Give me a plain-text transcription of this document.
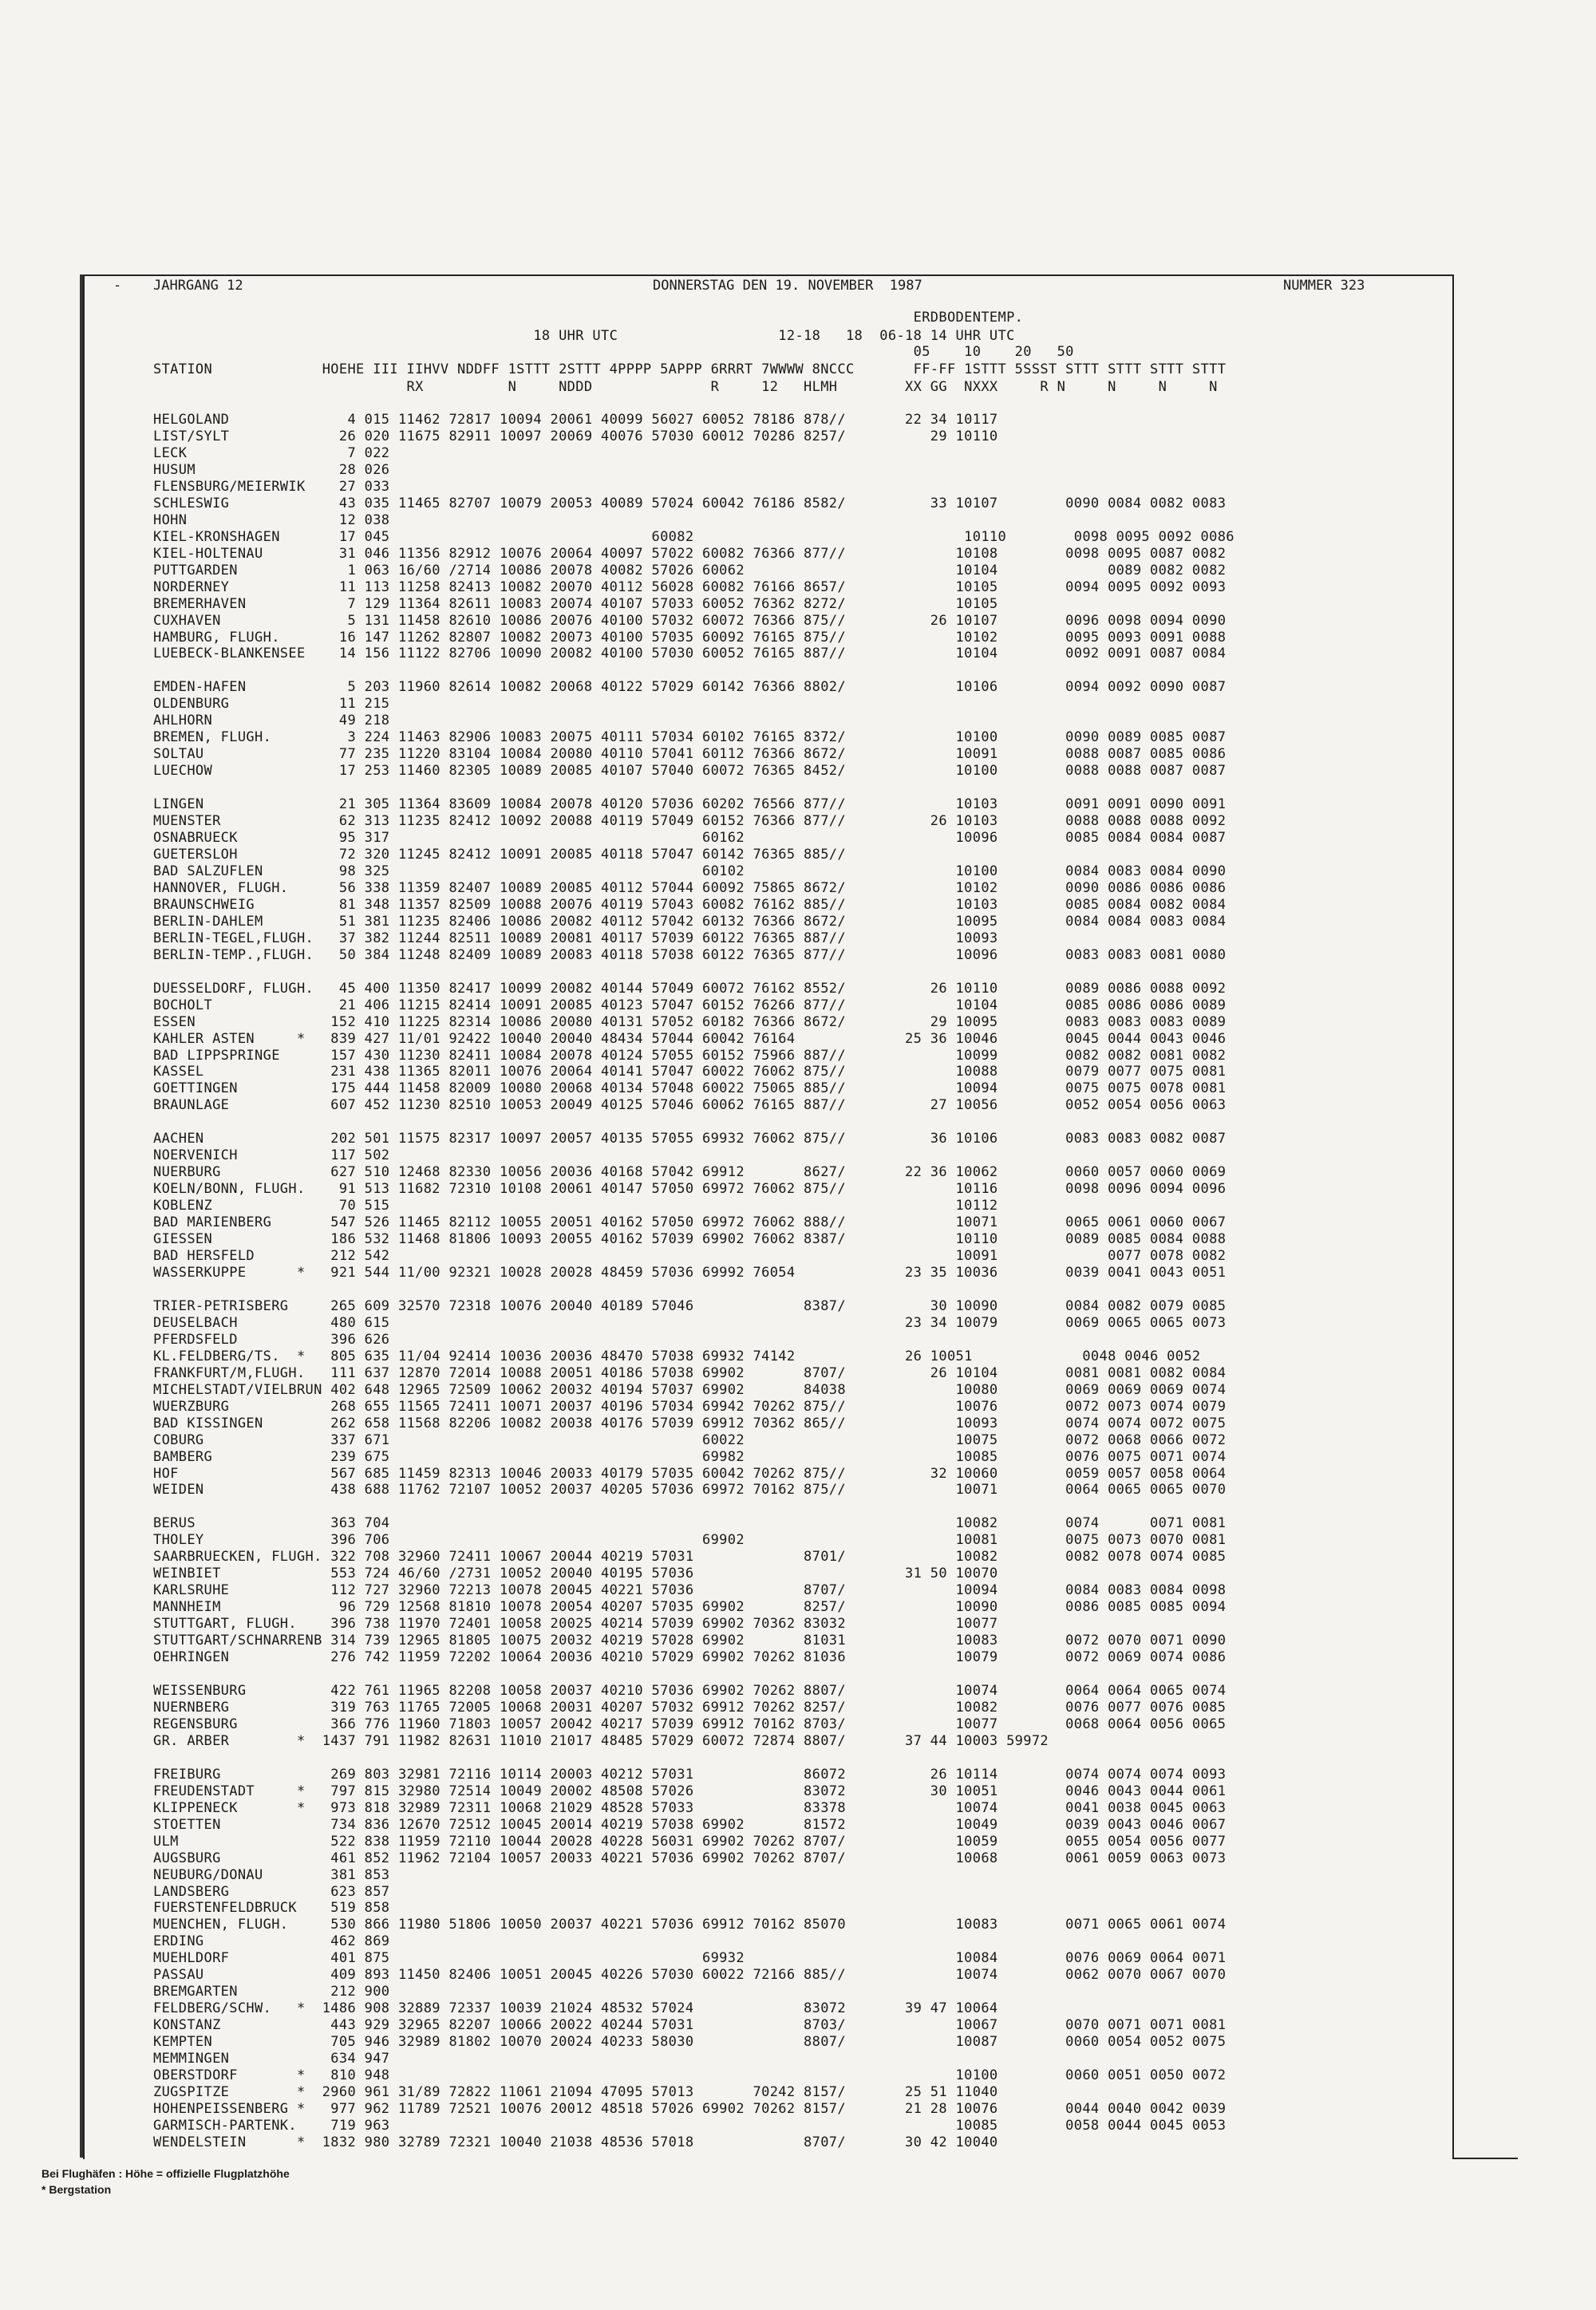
- JAHRGANG 12	DONNERSTAG DEN 19. NOVEMBER  1987	NUMMER 323
ERDBODENTEMP.
18 UHR UTC                   12-18   18  06-18 14 UHR UTC
05    10    20   50
STATION             HOEHE III IIHVV NDDFF 1STTT 2STTT 4PPPP 5APPP 6RRRT 7WWWW 8NCCC       FF-FF 1STTT 5SSST STTT STTT STTT STTT
RX          N     NDDD              R     12   HLMH        XX GG  NXXX     R N     N     N     N
HELGOLAND              4 015 11462 72817 10094 20061 40099 56027 60052 78186 878//       22 34 10117
LIST/SYLT             26 020 11675 82911 10097 20069 40076 57030 60012 70286 8257/          29 10110
LECK                   7 022
HUSUM                 28 026
FLENSBURG/MEIERWIK    27 033
SCHLESWIG             43 035 11465 82707 10079 20053 40089 57024 60042 76186 8582/          33 10107        0090 0084 0082 0083
HOHN                  12 038
KIEL-KRONSHAGEN       17 045                               60082                                10110        0098 0095 0092 0086
KIEL-HOLTENAU         31 046 11356 82912 10076 20064 40097 57022 60082 76366 877//             10108        0098 0095 0087 0082
PUTTGARDEN             1 063 16/60 /2714 10086 20078 40082 57026 60062                         10104             0089 0082 0082
NORDERNEY             11 113 11258 82413 10082 20070 40112 56028 60082 76166 8657/             10105        0094 0095 0092 0093
BREMERHAVEN            7 129 11364 82611 10083 20074 40107 57033 60052 76362 8272/             10105
CUXHAVEN               5 131 11458 82610 10086 20076 40100 57032 60072 76366 875//          26 10107        0096 0098 0094 0090
HAMBURG, FLUGH.       16 147 11262 82807 10082 20073 40100 57035 60092 76165 875//             10102        0095 0093 0091 0088
LUEBECK-BLANKENSEE    14 156 11122 82706 10090 20082 40100 57030 60052 76165 887//             10104        0092 0091 0087 0084
EMDEN-HAFEN            5 203 11960 82614 10082 20068 40122 57029 60142 76366 8802/             10106        0094 0092 0090 0087
OLDENBURG             11 215
AHLHORN               49 218
BREMEN, FLUGH.         3 224 11463 82906 10083 20075 40111 57034 60102 76165 8372/             10100        0090 0089 0085 0087
SOLTAU                77 235 11220 83104 10084 20080 40110 57041 60112 76366 8672/             10091        0088 0087 0085 0086
LUECHOW               17 253 11460 82305 10089 20085 40107 57040 60072 76365 8452/             10100        0088 0088 0087 0087
LINGEN                21 305 11364 83609 10084 20078 40120 57036 60202 76566 877//             10103        0091 0091 0090 0091
MUENSTER              62 313 11235 82412 10092 20088 40119 57049 60152 76366 877//          26 10103        0088 0088 0088 0092
OSNABRUECK            95 317                                     60162                         10096        0085 0084 0084 0087
GUETERSLOH            72 320 11245 82412 10091 20085 40118 57047 60142 76365 885//
BAD SALZUFLEN         98 325                                     60102                         10100        0084 0083 0084 0090
HANNOVER, FLUGH.      56 338 11359 82407 10089 20085 40112 57044 60092 75865 8672/             10102        0090 0086 0086 0086
BRAUNSCHWEIG          81 348 11357 82509 10088 20076 40119 57043 60082 76162 885//             10103        0085 0084 0082 0084
BERLIN-DAHLEM         51 381 11235 82406 10086 20082 40112 57042 60132 76366 8672/             10095        0084 0084 0083 0084
BERLIN-TEGEL,FLUGH.   37 382 11244 82511 10089 20081 40117 57039 60122 76365 887//             10093
BERLIN-TEMP.,FLUGH.   50 384 11248 82409 10089 20083 40118 57038 60122 76365 877//             10096        0083 0083 0081 0080
DUESSELDORF, FLUGH.   45 400 11350 82417 10099 20082 40144 57049 60072 76162 8552/          26 10110        0089 0086 0088 0092
BOCHOLT               21 406 11215 82414 10091 20085 40123 57047 60152 76266 877//             10104        0085 0086 0086 0089
ESSEN                152 410 11225 82314 10086 20080 40131 57052 60182 76366 8672/          29 10095        0083 0083 0083 0089
KAHLER ASTEN     *   839 427 11/01 92422 10040 20040 48434 57044 60042 76164             25 36 10046        0045 0044 0043 0046
BAD LIPPSPRINGE      157 430 11230 82411 10084 20078 40124 57055 60152 75966 887//             10099        0082 0082 0081 0082
KASSEL               231 438 11365 82011 10076 20064 40141 57047 60022 76062 875//             10088        0079 0077 0075 0081
GOETTINGEN           175 444 11458 82009 10080 20068 40134 57048 60022 75065 885//             10094        0075 0075 0078 0081
BRAUNLAGE            607 452 11230 82510 10053 20049 40125 57046 60062 76165 887//          27 10056        0052 0054 0056 0063
AACHEN               202 501 11575 82317 10097 20057 40135 57055 69932 76062 875//          36 10106        0083 0083 0082 0087
NOERVENICH           117 502
NUERBURG             627 510 12468 82330 10056 20036 40168 57042 69912       8627/       22 36 10062        0060 0057 0060 0069
KOELN/BONN, FLUGH.    91 513 11682 72310 10108 20061 40147 57050 69972 76062 875//             10116        0098 0096 0094 0096
KOBLENZ               70 515                                                                   10112
BAD MARIENBERG       547 526 11465 82112 10055 20051 40162 57050 69972 76062 888//             10071        0065 0061 0060 0067
GIESSEN              186 532 11468 81806 10093 20055 40162 57039 69902 76062 8387/             10110        0089 0085 0084 0088
BAD HERSFELD         212 542                                                                   10091             0077 0078 0082
WASSERKUPPE      *   921 544 11/00 92321 10028 20028 48459 57036 69992 76054             23 35 10036        0039 0041 0043 0051
TRIER-PETRISBERG     265 609 32570 72318 10076 20040 40189 57046             8387/          30 10090        0084 0082 0079 0085
DEUSELBACH           480 615                                                             23 34 10079        0069 0065 0065 0073
PFERDSFELD           396 626
KL.FELDBERG/TS.  *   805 635 11/04 92414 10036 20036 48470 57038 69932 74142             26 10051             0048 0046 0052
FRANKFURT/M,FLUGH.   111 637 12870 72014 10088 20051 40186 57038 69902       8707/          26 10104        0081 0081 0082 0084
MICHELSTADT/VIELBRUN 402 648 12965 72509 10062 20032 40194 57037 69902       84038             10080        0069 0069 0069 0074
WUERZBURG            268 655 11565 72411 10071 20037 40196 57034 69942 70262 875//             10076        0072 0073 0074 0079
BAD KISSINGEN        262 658 11568 82206 10082 20038 40176 57039 69912 70362 865//             10093        0074 0074 0072 0075
COBURG               337 671                                     60022                         10075        0072 0068 0066 0072
BAMBERG              239 675                                     69982                         10085        0076 0075 0071 0074
HOF                  567 685 11459 82313 10046 20033 40179 57035 60042 70262 875//          32 10060        0059 0057 0058 0064
WEIDEN               438 688 11762 72107 10052 20037 40205 57036 69972 70162 875//             10071        0064 0065 0065 0070
BERUS                363 704                                                                   10082        0074      0071 0081
THOLEY               396 706                                     69902                         10081        0075 0073 0070 0081
SAARBRUECKEN, FLUGH. 322 708 32960 72411 10067 20044 40219 57031             8701/             10082        0082 0078 0074 0085
WEINBIET             553 724 46/60 /2731 10052 20040 40195 57036                         31 50 10070
KARLSRUHE            112 727 32960 72213 10078 20045 40221 57036             8707/             10094        0084 0083 0084 0098
MANNHEIM              96 729 12568 81810 10078 20054 40207 57035 69902       8257/             10090        0086 0085 0085 0094
STUTTGART, FLUGH.    396 738 11970 72401 10058 20025 40214 57039 69902 70362 83032             10077
STUTTGART/SCHNARRENB 314 739 12965 81805 10075 20032 40219 57028 69902       81031             10083        0072 0070 0071 0090
OEHRINGEN            276 742 11959 72202 10064 20036 40210 57029 69902 70262 81036             10079        0072 0069 0074 0086
WEISSENBURG          422 761 11965 82208 10058 20037 40210 57036 69902 70262 8807/             10074        0064 0064 0065 0074
NUERNBERG            319 763 11765 72005 10068 20031 40207 57032 69912 70262 8257/             10082        0076 0077 0076 0085
REGENSBURG           366 776 11960 71803 10057 20042 40217 57039 69912 70162 8703/             10077        0068 0064 0056 0065
GR. ARBER        *  1437 791 11982 82631 11010 21017 48485 57029 60072 72874 8807/       37 44 10003 59972
FREIBURG             269 803 32981 72116 10114 20003 40212 57031             86072          26 10114        0074 0074 0074 0093
FREUDENSTADT     *   797 815 32980 72514 10049 20002 48508 57026             83072          30 10051        0046 0043 0044 0061
KLIPPENECK       *   973 818 32989 72311 10068 21029 48528 57033             83378             10074        0041 0038 0045 0063
STOETTEN             734 836 12670 72512 10045 20014 40219 57038 69902       81572             10049        0039 0043 0046 0067
ULM                  522 838 11959 72110 10044 20028 40228 56031 69902 70262 8707/             10059        0055 0054 0056 0077
AUGSBURG             461 852 11962 72104 10057 20033 40221 57036 69902 70262 8707/             10068        0061 0059 0063 0073
NEUBURG/DONAU        381 853
LANDSBERG            623 857
FUERSTENFELDBRUCK    519 858
MUENCHEN, FLUGH.     530 866 11980 51806 10050 20037 40221 57036 69912 70162 85070             10083        0071 0065 0061 0074
ERDING               462 869
MUEHLDORF            401 875                                     69932                         10084        0076 0069 0064 0071
PASSAU               409 893 11450 82406 10051 20045 40226 57030 60022 72166 885//             10074        0062 0070 0067 0070
BREMGARTEN           212 900
FELDBERG/SCHW.   *  1486 908 32889 72337 10039 21024 48532 57024             83072       39 47 10064
KONSTANZ             443 929 32965 82207 10066 20022 40244 57031             8703/             10067        0070 0071 0071 0081
KEMPTEN              705 946 32989 81802 10070 20024 40233 58030             8807/             10087        0060 0054 0052 0075
MEMMINGEN            634 947
OBERSTDORF       *   810 948                                                                   10100        0060 0051 0050 0072
ZUGSPITZE        *  2960 961 31/89 72822 11061 21094 47095 57013       70242 8157/       25 51 11040
HOHENPEISSENBERG *   977 962 11789 72521 10076 20012 48518 57026 69902 70262 8157/       21 28 10076        0044 0040 0042 0039
GARMISCH-PARTENK.    719 963                                                                   10085        0058 0044 0045 0053
WENDELSTEIN      *  1832 980 32789 72321 10040 21038 48536 57018             8707/       30 42 10040
Bei Flughäfen : Höhe = offizielle Flugplatzhöhe
* Bergstation
